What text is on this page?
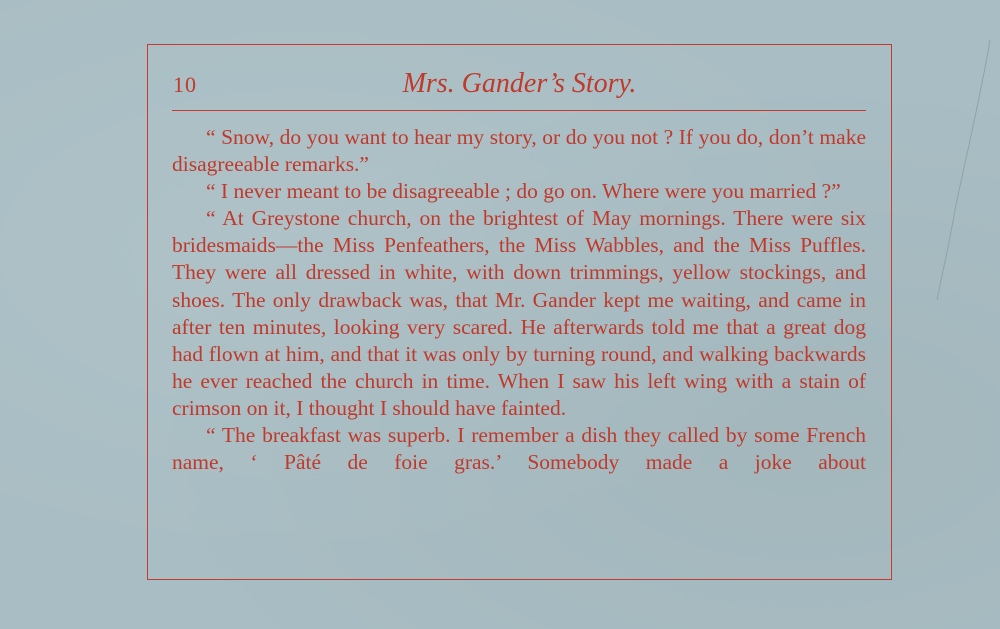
10	Mrs. Gander’s Story.

“ Snow, do you want to hear my story, or do you not ? If you do, don’t make disagreeable remarks.”

“ I never meant to be disagreeable ; do go on. Where were you married ?”

“ At Greystone church, on the brightest of May mornings. There were six bridesmaids—the Miss Penfeathers, the Miss Wabbles, and the Miss Puffles. They were all dressed in white, with down trimmings, yellow stockings, and shoes. The only drawback was, that Mr. Gander kept me waiting, and came in after ten minutes, looking very scared. He afterwards told me that a great dog had flown at him, and that it was only by turning round, and walking backwards he ever reached the church in time. When I saw his left wing with a stain of crimson on it, I thought I should have fainted.

“ The breakfast was superb. I remember a dish they called by some French name, ‘ Pâté de foie gras.’ Somebody made a joke about
